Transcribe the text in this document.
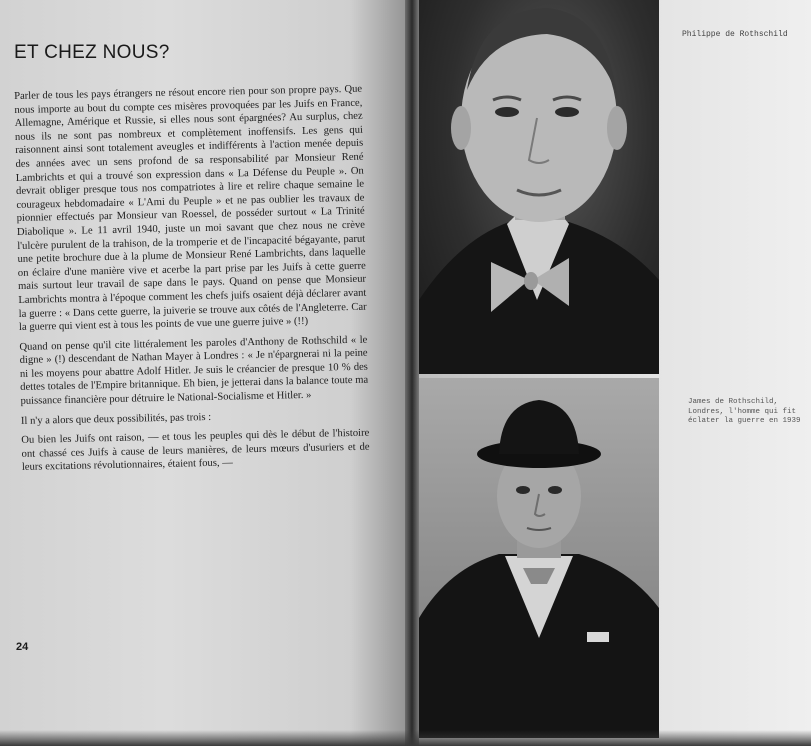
ET CHEZ NOUS?

Parler de tous les pays étrangers ne résout encore rien pour son propre pays. Que nous importe au bout du compte ces misères provoquées par les Juifs en France, Allemagne, Amérique et Russie, si elles nous sont épargnées? Au surplus, chez nous ils ne sont pas nombreux et complètement inoffensifs. Les gens qui raisonnent ainsi sont totalement aveugles et indifférents à l'action menée depuis des années avec un sens profond de sa responsabilité par Monsieur René Lambrichts et qui a trouvé son expression dans « La Défense du Peuple ». On devrait obliger presque tous nos compatriotes à lire et relire chaque semaine le courageux hebdomadaire « L'Ami du Peuple » et ne pas oublier les travaux de pionnier effectués par Monsieur van Roessel, de posséder surtout « La Trinité Diabolique ». Le 11 avril 1940, juste un moi savant que chez nous ne crève l'ulcère purulent de la trahison, de la tromperie et de l'incapacité bégayante, parut une petite brochure due à la plume de Monsieur René Lambrichts, dans laquelle on éclaire d'une manière vive et acerbe la part prise par les Juifs à cette guerre mais surtout leur travail de sape dans le pays. Quand on pense que Monsieur Lambrichts montra à l'époque comment les chefs juifs osaient déjà déclarer avant la guerre : « Dans cette guerre, la juiverie se trouve aux côtés de l'Angleterre. Car la guerre qui vient est à tous les points de vue une guerre juive » (!!)

Quand on pense qu'il cite littéralement les paroles d'Anthony de Rothschild « le digne » (!) descendant de Nathan Mayer à Londres : « Je n'épargnerai ni la peine ni les moyens pour abattre Adolf Hitler. Je suis le créancier de presque 10 % des dettes totales de l'Empire britannique. Eh bien, je jetterai dans la balance toute ma puissance financière pour détruire le National-Socialisme et Hitler. »

Il n'y a alors que deux possibilités, pas trois :

Ou bien les Juifs ont raison, — et tous les peuples qui dès le début de l'histoire ont chassé ces Juifs à cause de leurs manières, de leurs mœurs d'usuriers et de leurs excitations révolutionnaires, étaient fous, —

24
Philippe de Rothschild
James de Rothschild, Londres, l'homme qui fit éclater la guerre en 1939
